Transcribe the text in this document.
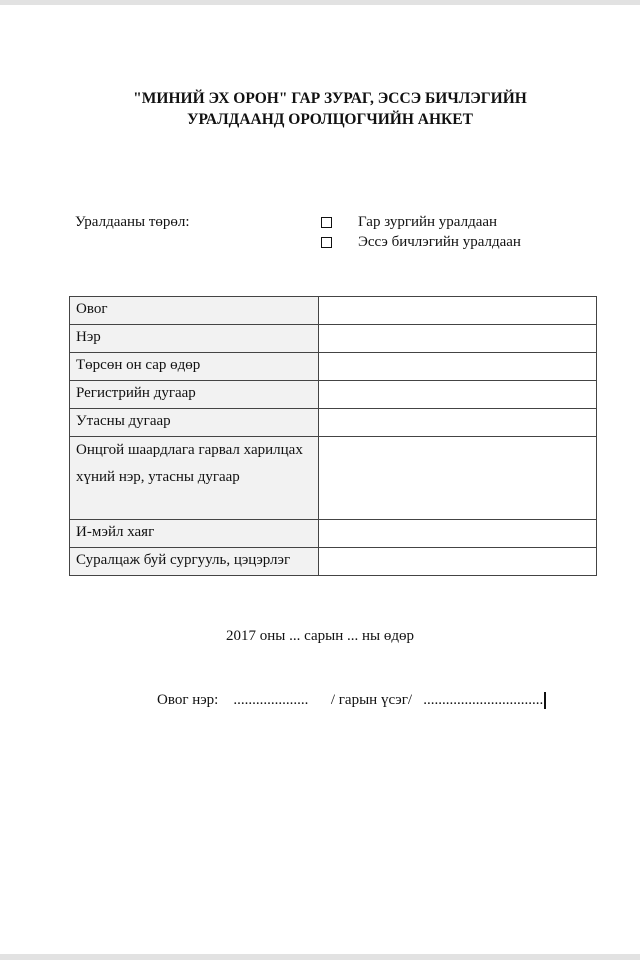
"МИНИЙ ЭХ ОРОН" ГАР ЗУРАГ, ЭССЭ БИЧЛЭГИЙН
УРАЛДААНД ОРОЛЦОГЧИЙН АНКЕТ
Уралдааны төрөл:	Гар зургийн уралдаан
Эссэ бичлэгийн уралдаан
Овог	
Нэр	
Төрсөн он сар өдөр	
Регистрийн дугаар	
Утасны дугаар	
Онцгой шаардлага гарвал харилцах хүний нэр, утасны дугаар	
И-мэйл хаяг	
Суралцаж буй сургууль, цэцэрлэг	
2017 оны ... сарын ... ны өдөр
Овог нэр: .................... / гарын үсэг/ ................................
